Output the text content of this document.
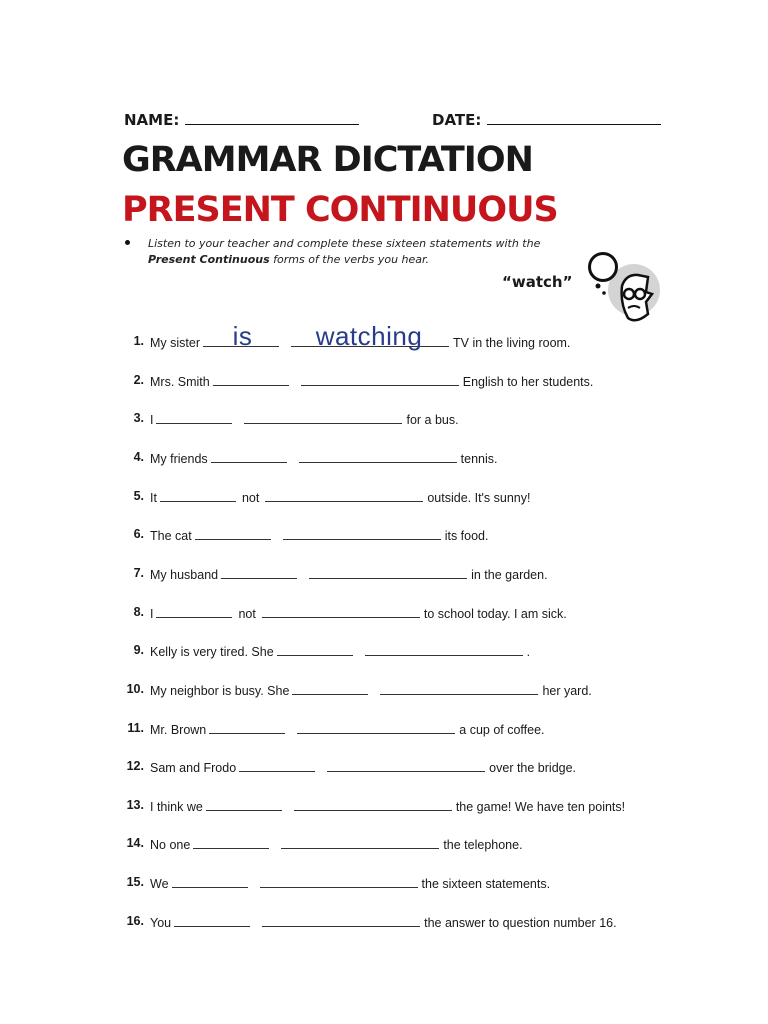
NAME:	DATE:
GRAMMAR DICTATION
PRESENT CONTINUOUS
Listen to your teacher and complete these sixteen statements with the
Present Continuous forms of the verbs you hear.
“watch”
1. My sister	is	watching	TV in the living room.
2. Mrs. Smith	English to her students.
3. I	for a bus.
4. My friends	tennis.
5. It	not	outside. It's sunny!
6. The cat	its food.
7. My husband	in the garden.
8. I	not	to school today. I am sick.
9. Kelly is very tired. She	.
10. My neighbor is busy. She	her yard.
11. Mr. Brown	a cup of coffee.
12. Sam and Frodo	over the bridge.
13. I think we	the game! We have ten points!
14. No one	the telephone.
15. We	the sixteen statements.
16. You	the answer to question number 16.
